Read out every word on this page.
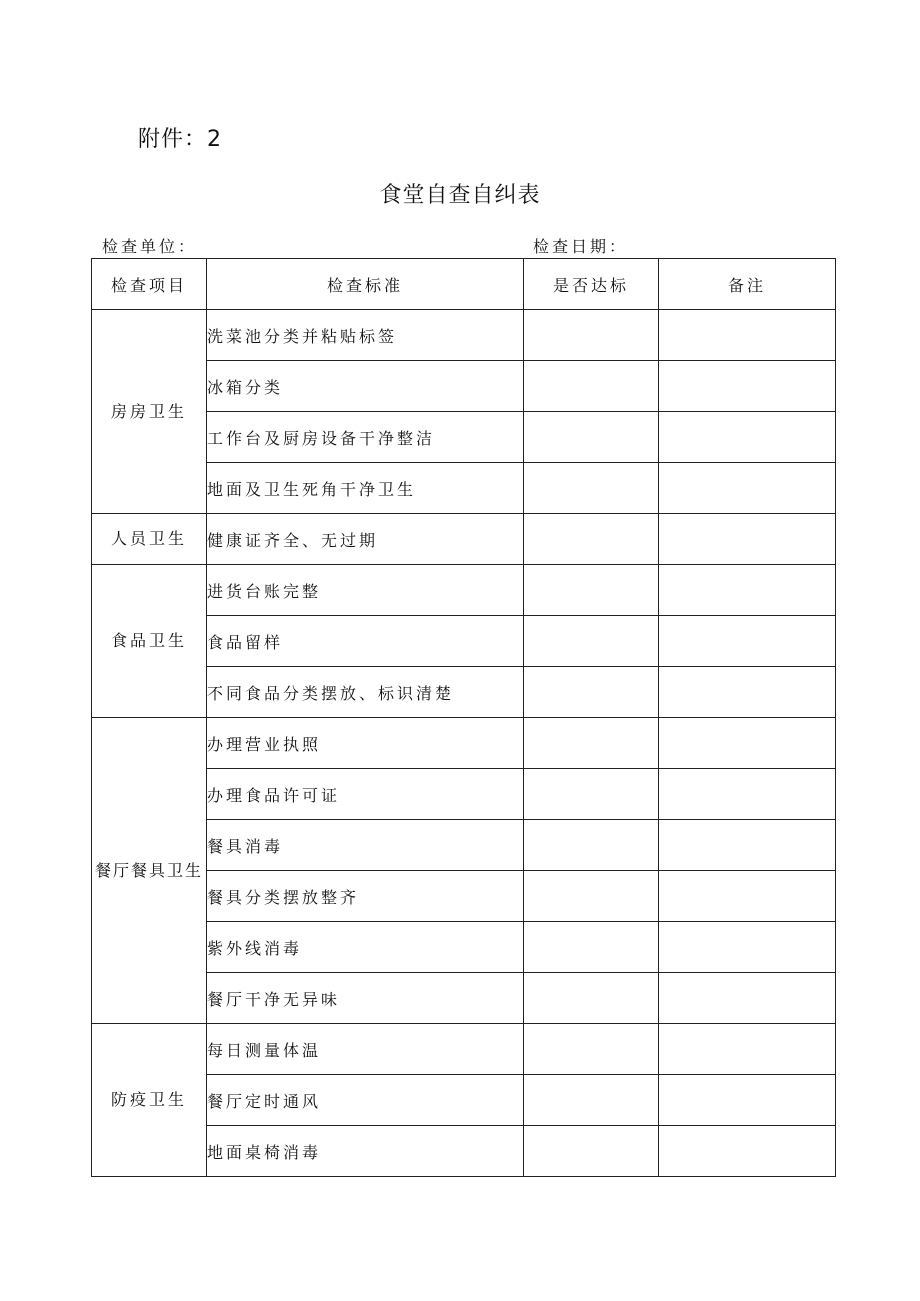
附件：2
食堂自查自纠表
检查单位：	检查日期：
检查项目	检查标准	是否达标	备注
房房卫生	洗菜池分类并粘贴标签		
	冰箱分类		
	工作台及厨房设备干净整洁		
	地面及卫生死角干净卫生		
人员卫生	健康证齐全、无过期		
食品卫生	进货台账完整		
	食品留样		
	不同食品分类摆放、标识清楚		
餐厅餐具卫生	办理营业执照		
	办理食品许可证		
	餐具消毒		
	餐具分类摆放整齐		
	紫外线消毒		
	餐厅干净无异味		
防疫卫生	每日测量体温		
	餐厅定时通风		
	地面桌椅消毒		
